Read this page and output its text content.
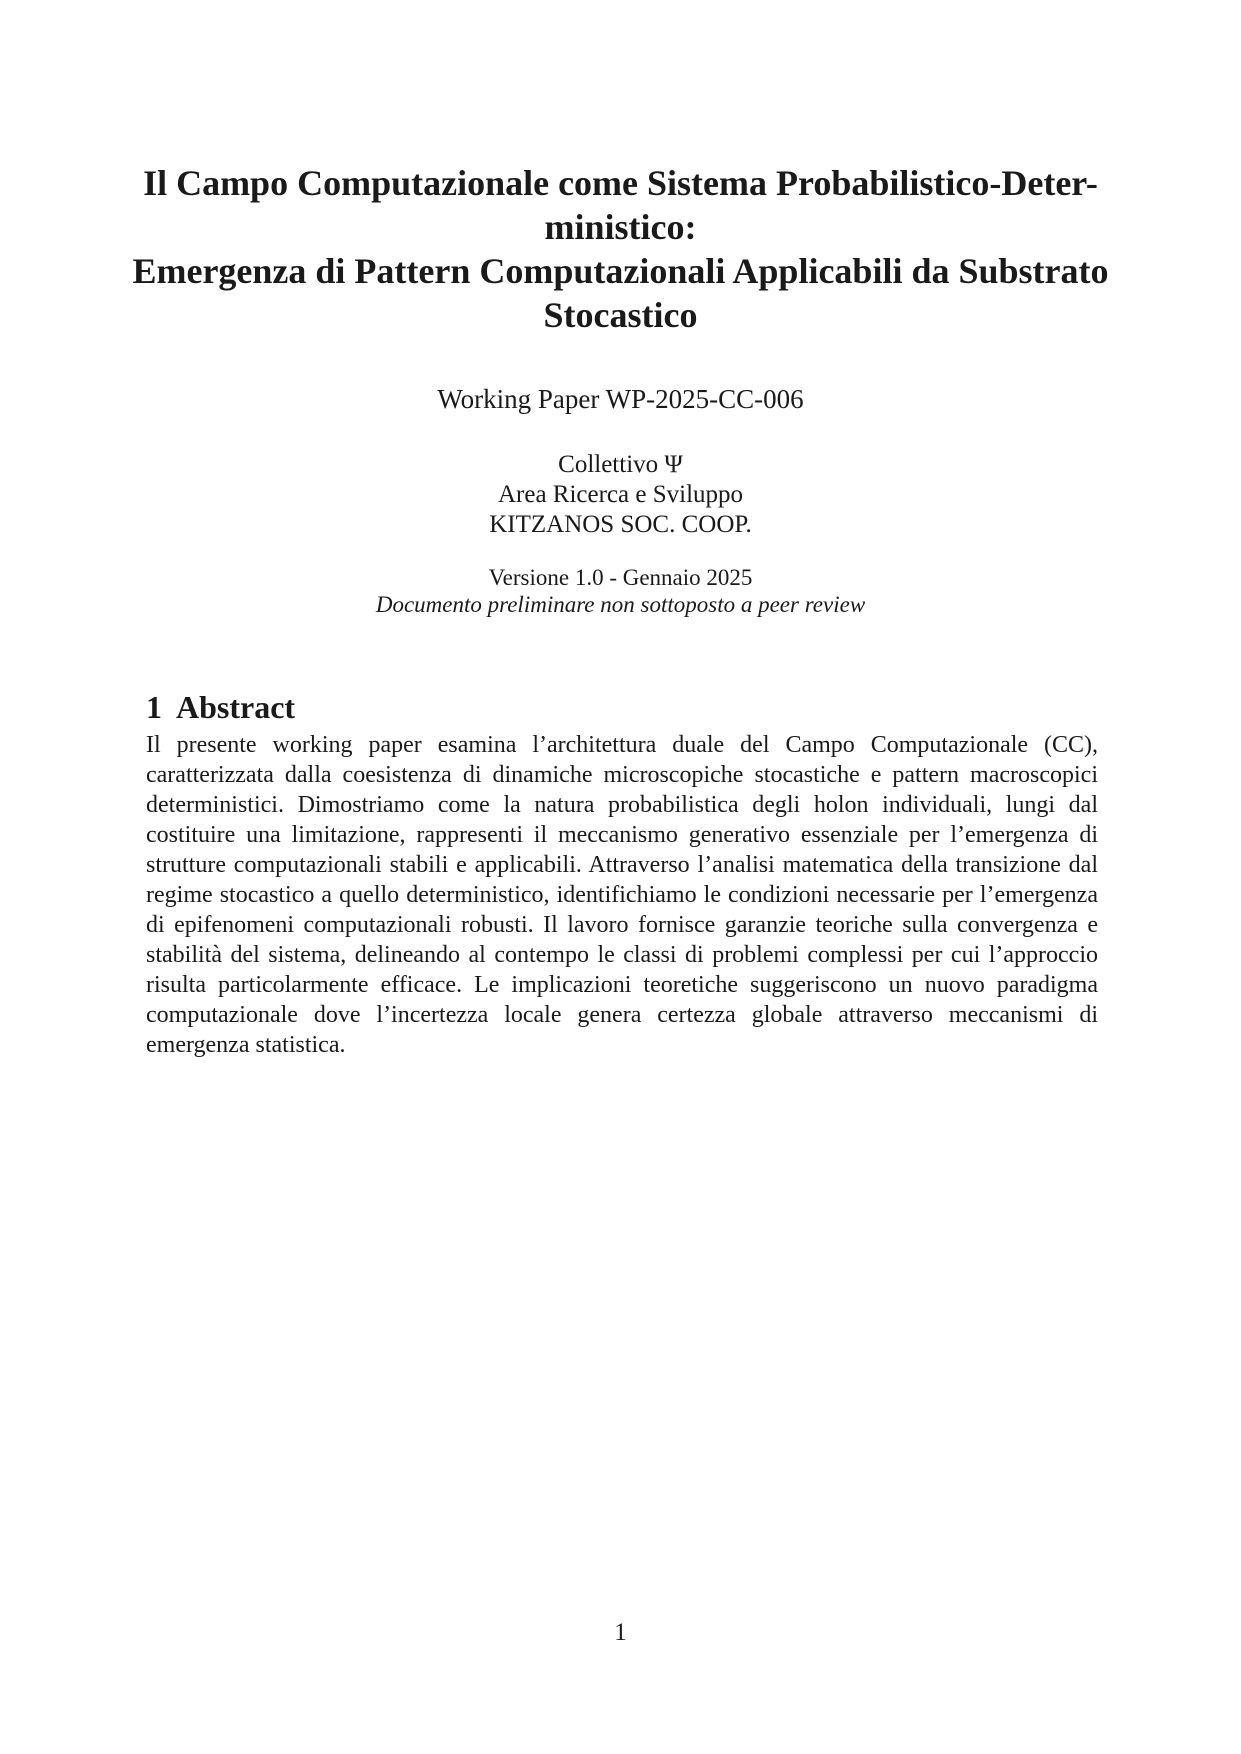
Il Campo Computazionale come Sistema Probabilistico-Deter-
ministico:
Emergenza di Pattern Computazionali Applicabili da Substrato
Stocastico
Working Paper WP-2025-CC-006
Collettivo Ψ
Area Ricerca e Sviluppo
KITZANOS SOC. COOP.
Versione 1.0 - Gennaio 2025
Documento preliminare non sottoposto a peer review
1 Abstract
Il presente working paper esamina l’architettura duale del Campo Computazionale (CC), caratterizzata dalla coesistenza di dinamiche microscopiche stocastiche e pattern macroscopici deterministici. Dimostriamo come la natura probabilistica degli holon individuali, lungi dal costituire una limitazione, rappresenti il meccanismo generativo essenziale per l’emergenza di strutture computazionali stabili e applicabili. Attraverso l’analisi matematica della transizione dal regime stocastico a quello deterministico, identifichiamo le condizioni necessarie per l’emergenza di epifenomeni computazionali robusti. Il lavoro fornisce garanzie teoriche sulla convergenza e stabilità del sistema, delineando al contempo le classi di problemi complessi per cui l’approccio risulta particolarmente efficace. Le implicazioni teoretiche suggeriscono un nuovo paradigma computazionale dove l’incertezza locale genera certezza globale attraverso meccanismi di emergenza statistica.
1
